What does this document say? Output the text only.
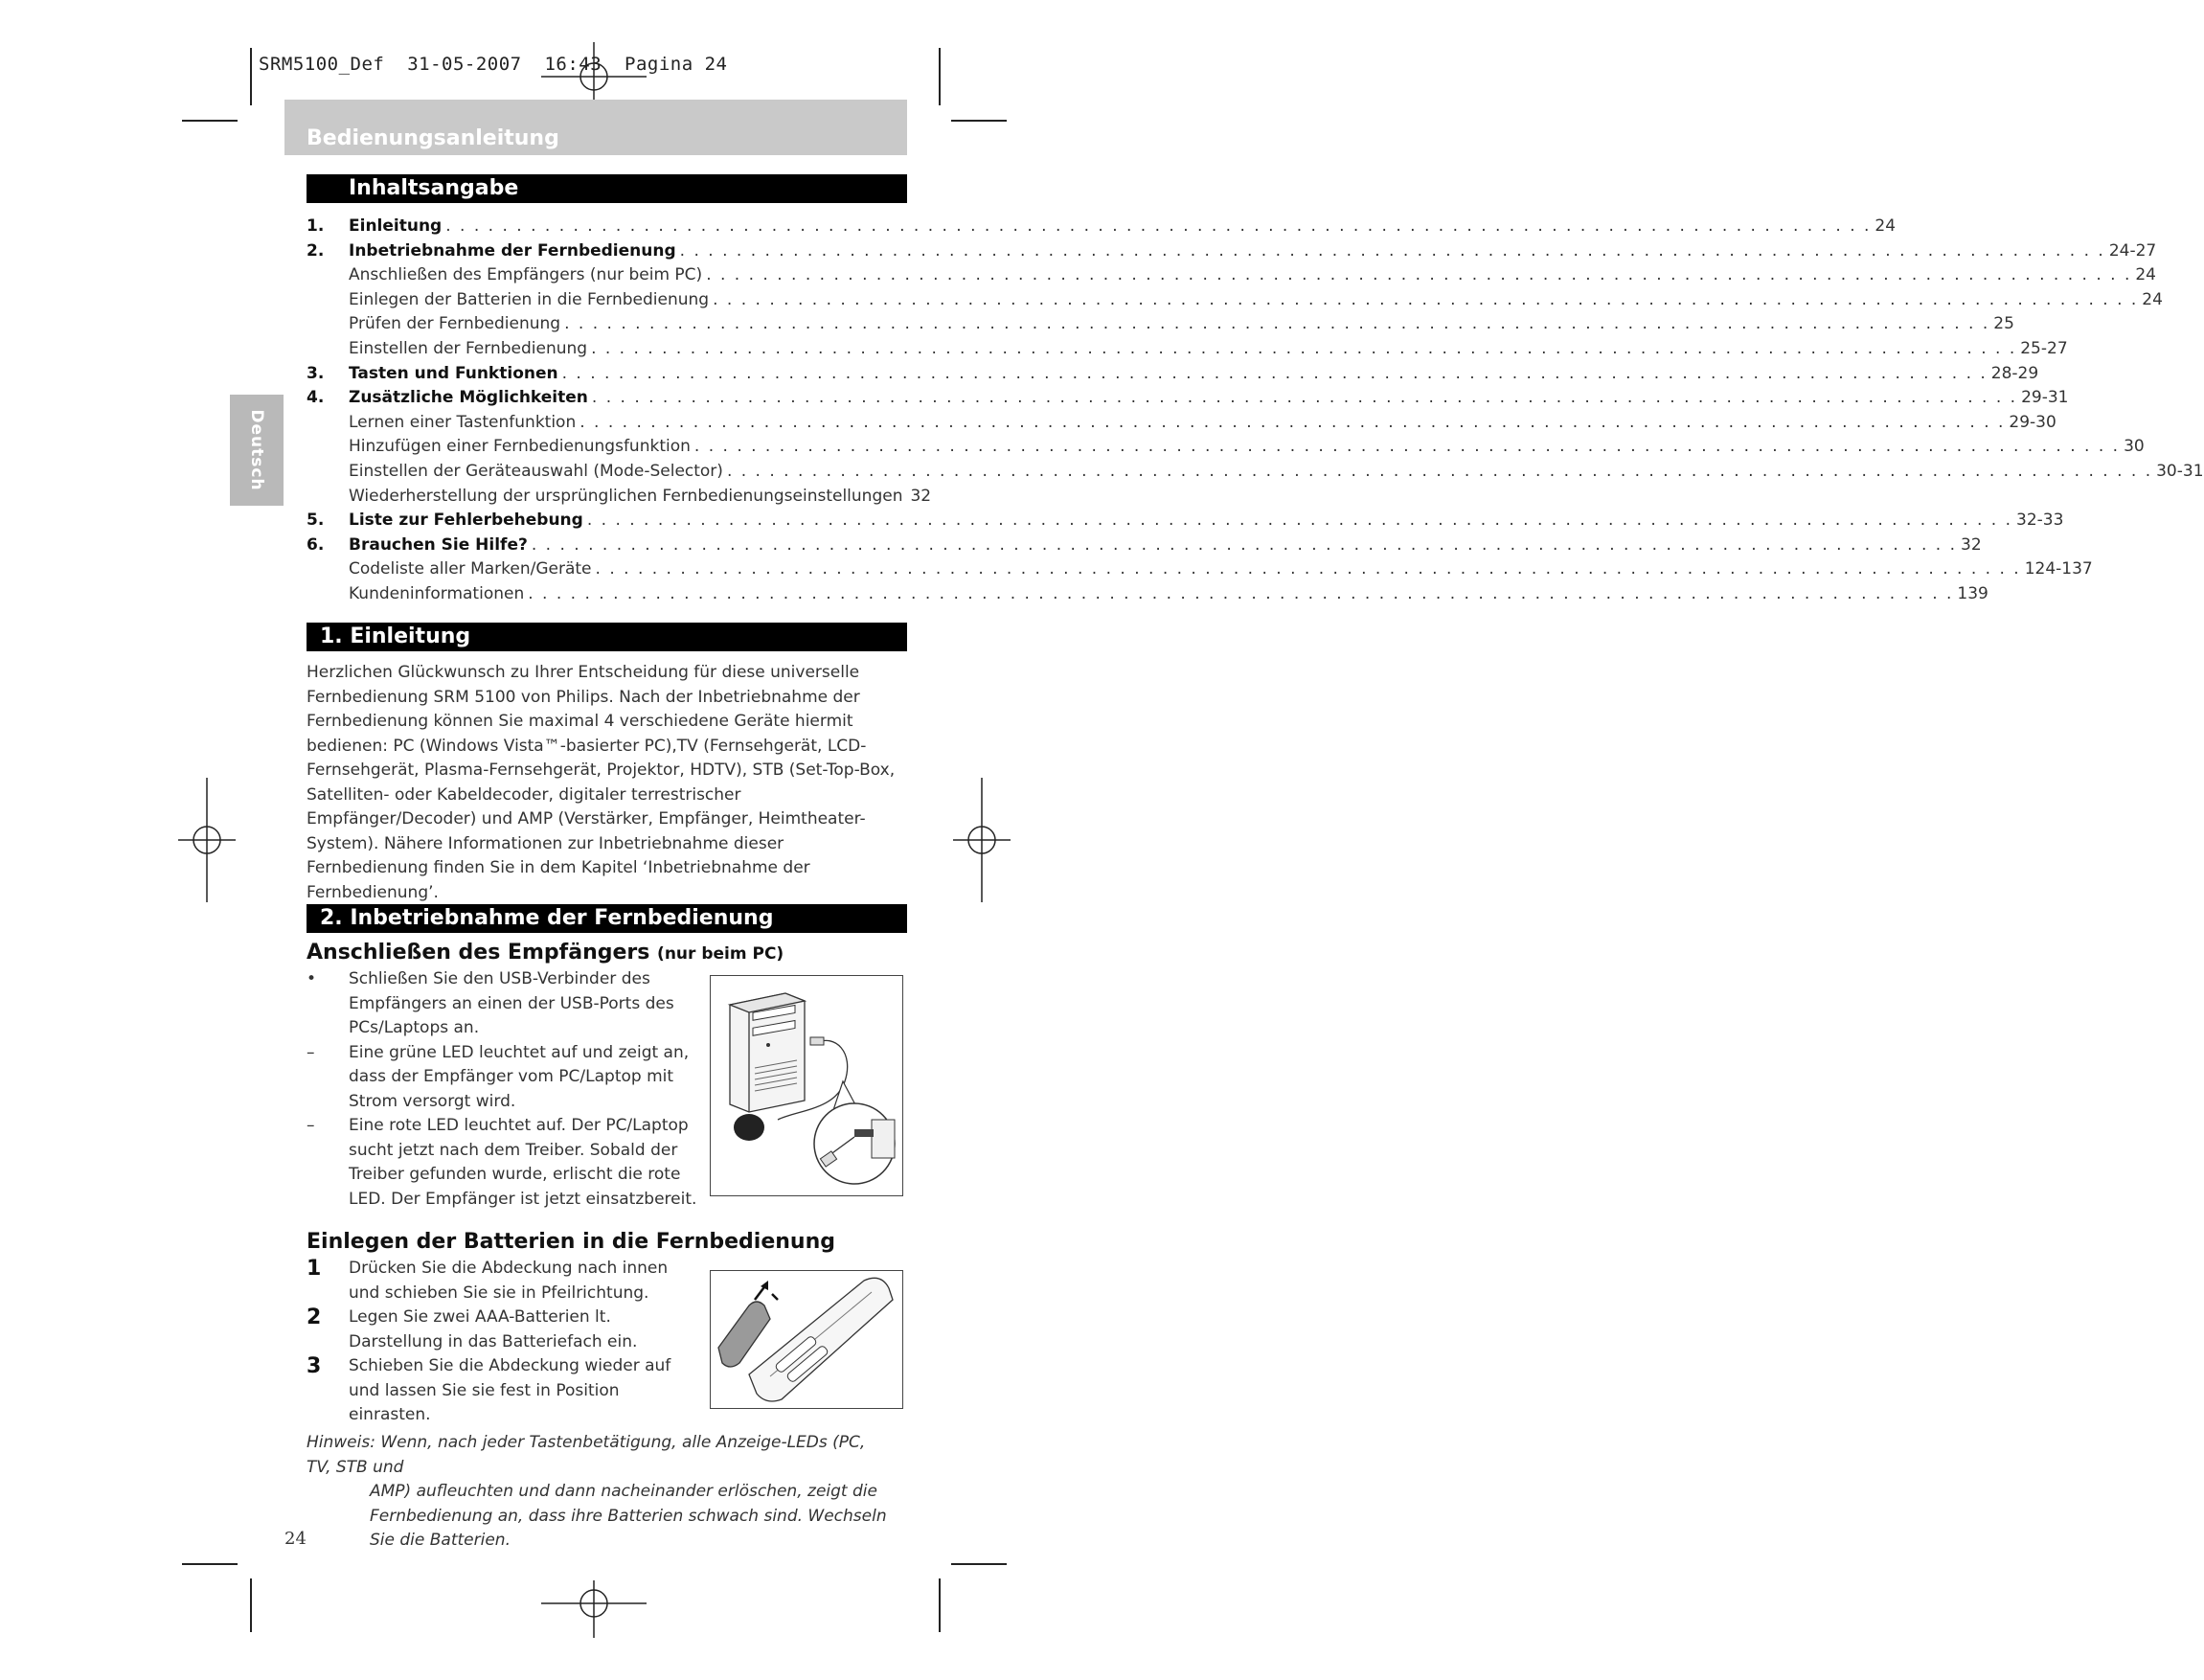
SRM5100_Def  31-05-2007  16:43  Pagina 24
Bedienungsanleitung
Deutsch
Inhaltsangabe
1.	Einleitung . . .	24
2.	Inbetriebnahme der Fernbedienung . . .	24-27
Anschließen des Empfängers (nur beim PC) . . .	24
Einlegen der Batterien in die Fernbedienung . . .	24
Prüfen der Fernbedienung . . .	25
Einstellen der Fernbedienung . . .	25-27
3.	Tasten und Funktionen . . .	28-29
4.	Zusätzliche Möglichkeiten . . .	29-31
Lernen einer Tastenfunktion . . .	29-30
Hinzufügen einer Fernbedienungsfunktion . . .	30
Einstellen der Geräteauswahl (Mode-Selector) . . .	30-31
Wiederherstellung der ursprünglichen Fernbedienungseinstellungen 32
5.	Liste zur Fehlerbehebung . . .	32-33
6.	Brauchen Sie Hilfe? . . .	32
Codeliste aller Marken/Geräte . . .	124-137
Kundeninformationen . . .	139
1. Einleitung
Herzlichen Glückwunsch zu Ihrer Entscheidung für diese universelle Fernbedienung SRM 5100 von Philips. Nach der Inbetriebnahme der Fernbedienung können Sie maximal 4 verschiedene Geräte hiermit bedienen: PC (Windows Vista™-basierter PC),TV (Fernsehgerät, LCD-Fernsehgerät, Plasma-Fernsehgerät, Projektor, HDTV), STB (Set-Top-Box, Satelliten- oder Kabeldecoder, digitaler terrestrischer Empfänger/Decoder) und AMP (Verstärker, Empfänger, Heimtheater-System). Nähere Informationen zur Inbetriebnahme dieser Fernbedienung finden Sie in dem Kapitel ‘Inbetriebnahme der Fernbedienung’.
2. Inbetriebnahme der Fernbedienung
Anschließen des Empfängers (nur beim PC)
•	Schließen Sie den USB-Verbinder des Empfängers an einen der USB-Ports des PCs/Laptops an.
–	Eine grüne LED leuchtet auf und zeigt an, dass der Empfänger vom PC/Laptop mit Strom versorgt wird.
–	Eine rote LED leuchtet auf. Der PC/Laptop sucht jetzt nach dem Treiber. Sobald der Treiber gefunden wurde, erlischt die rote LED. Der Empfänger ist jetzt einsatzbereit.
Einlegen der Batterien in die Fernbedienung
1	Drücken Sie die Abdeckung nach innen und schieben Sie sie in Pfeilrichtung.
2	Legen Sie zwei AAA-Batterien lt. Darstellung in das Batteriefach ein.
3	Schieben Sie die Abdeckung wieder auf und lassen Sie sie fest in Position einrasten.
Hinweis: Wenn, nach jeder Tastenbetätigung, alle Anzeige-LEDs (PC, TV, STB und
AMP) aufleuchten und dann nacheinander erlöschen, zeigt die Fernbedienung an, dass ihre Batterien schwach sind. Wechseln Sie die Batterien.
24
